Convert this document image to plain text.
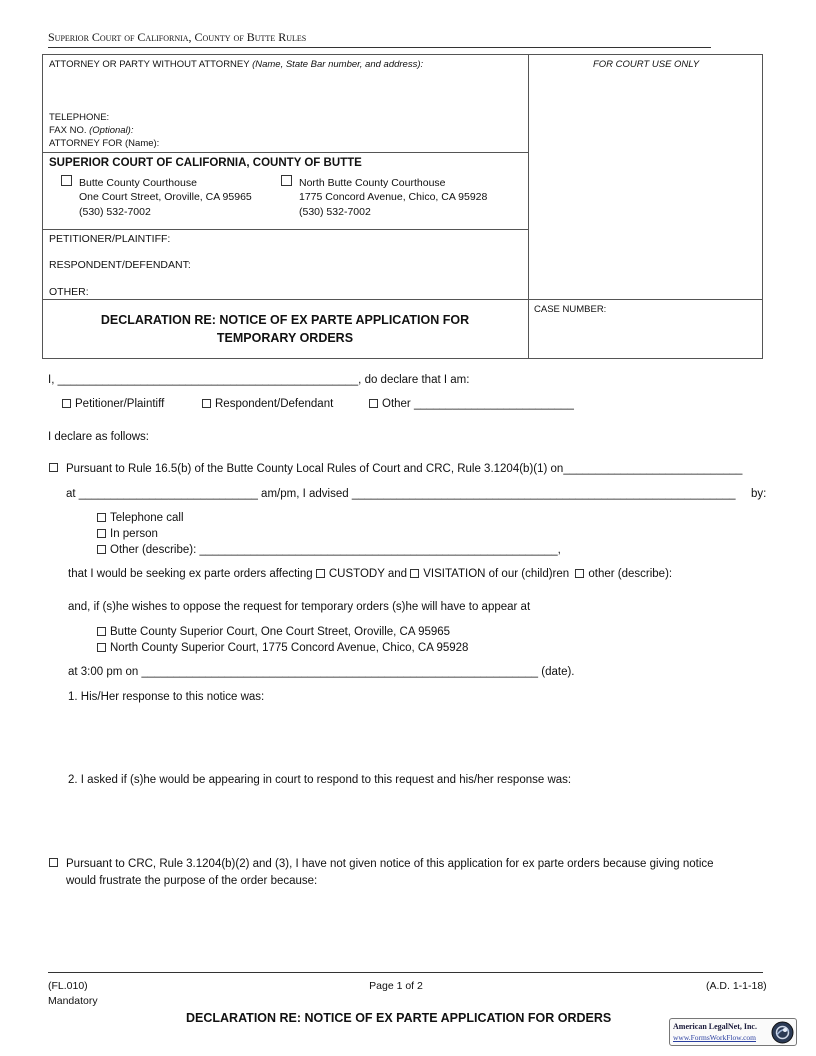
Superior Court of California, County of Butte Rules
ATTORNEY OR PARTY WITHOUT ATTORNEY (Name, State Bar number, and address):	FOR COURT USE ONLY
TELEPHONE:
FAX NO. (Optional):
ATTORNEY FOR (Name):
SUPERIOR COURT OF CALIFORNIA, COUNTY OF BUTTE
Butte County Courthouse
One Court Street, Oroville, CA 95965
(530) 532-7002
North Butte County Courthouse
1775 Concord Avenue, Chico, CA 95928
(530) 532-7002
PETITIONER/PLAINTIFF:
RESPONDENT/DEFENDANT:
OTHER:
DECLARATION RE: NOTICE OF EX PARTE APPLICATION FOR
TEMPORARY ORDERS
CASE NUMBER:
I, _______________________________________________, do declare that I am:
Petitioner/Plaintiff	Respondent/Defendant	Other _________________________
I declare as follows:
Pursuant to Rule 16.5(b) of the Butte County Local Rules of Court and CRC, Rule 3.1204(b)(1) on____________________________
at ____________________________ am/pm, I advised ____________________________________________________________ by:
Telephone call
In person
Other (describe): ________________________________________________________,
that I would be seeking ex parte orders affecting CUSTODY and VISITATION of our (child)ren other (describe):
and, if (s)he wishes to oppose the request for temporary orders (s)he will have to appear at
Butte County Superior Court, One Court Street, Oroville, CA 95965
North County Superior Court, 1775 Concord Avenue, Chico, CA 95928
at 3:00 pm on ______________________________________________________________ (date).
1. His/Her response to this notice was:
2. I asked if (s)he would be appearing in court to respond to this request and his/her response was:
Pursuant to CRC, Rule 3.1204(b)(2) and (3), I have not given notice of this application for ex parte orders because giving notice
would frustrate the purpose of the order because:
(FL.010)
Mandatory
Page 1 of 2	(A.D. 1-1-18)
DECLARATION RE: NOTICE OF EX PARTE APPLICATION FOR ORDERS
American LegalNet, Inc.
www.FormsWorkFlow.com
